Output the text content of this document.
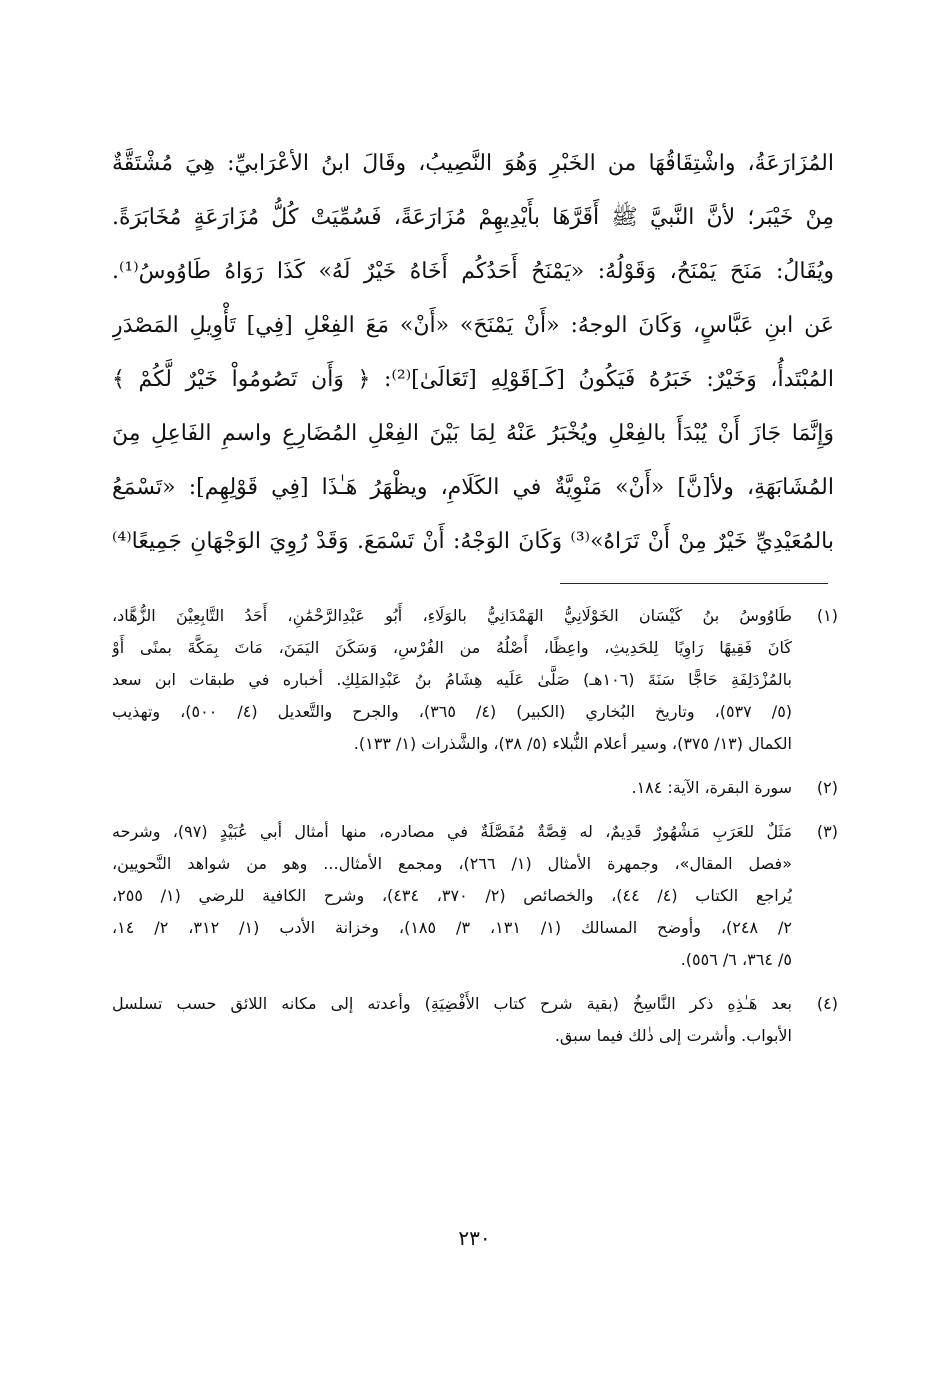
المُزَارَعَةُ، واشْتِقَاقُهَا من الخَبْرِ وَهُوَ النَّصِيبُ، وقَالَ ابنُ الأعْرَابيِّ: هِيَ مُشْتَقَّةٌ
مِنْ خَيْبَر؛ لأنَّ النَّبيَّ ﷺ أَقَرَّهَا بأَيْدِيهِمْ مُزَارَعَةً، فَسُمِّيَتْ كُلُّ مُزَارَعَةٍ مُخَابَرَةً.
ويُقَالُ: مَنَحَ يَمْنَحُ، وَقَوْلُهُ: «يَمْنَحُ أَحَدُكُم أَخَاهُ خَيْرٌ لَهُ» كَذَا رَوَاهُ طَاوُوسُ⁽¹⁾.
عَن ابنِ عَبَّاسٍ، وَكَانَ الوجهُ: «أَنْ يَمْنَحَ» «أَنْ» مَعَ الفِعْلِ [فِي] تَأْوِيلِ المَصْدَرِ
المُبْتَدأُ، وَخَيْرٌ: خَبَرُهُ فَيَكُونُ [كَـ]قَوْلِهِ [تَعَالَىٰ]⁽²⁾: ﴿ وَأَن تَصُومُواْ خَيْرٌ لَّكُمْ ﴾
وَإِنَّمَا جَازَ أَنْ يُبْدَأَ بالفِعْلِ ويُخْبَرُ عَنْهُ لِمَا بَيْنَ الفِعْلِ المُضَارِعِ واسمِ الفَاعِلِ مِنَ
المُشَابَهَةِ، ولأ[نَّ] «أَنْ» مَنْوِيَّةٌ في الكَلَامِ، ويظْهَرُ هَـٰذَا [فِي قَوْلِهِم]: «تَسْمَعُ
بالمُعَيْدِيِّ خَيْرٌ مِنْ أَنْ تَرَاهُ»⁽³⁾ وَكَانَ الوَجْهُ: أَنْ تَسْمَعَ. وَقَدْ رُوِيَ الوَجْهَانِ جَمِيعًا⁽⁴⁾
(١)
طَاوُوسُ بنُ كَيْسَان الخَوْلَانِيُّ الهَمْدَانِيُّ بالوَلَاءِ، أَبُو عَبْدِالرَّحْمَٰنِ، أَحَدُ التَّابِعِيْنَ الزُّهَّاد،
كَانَ فَقِيهًا رَاوِيًا لِلحَدِيثِ، واعِظًا، أَصْلُهُ من الفُرْسِ، وَسَكَنَ اليَمَنَ، مَاتَ بِمَكَّةَ بمنًى أَوْ
بالمُزْدَلِفَةِ حَاجًّا سَنَةَ (١٠٦هـ) صَلَّىٰ عَلَيه هِشَامُ بنُ عَبْدِالمَلِكِ. أخباره في طبقات ابن سعد
(٥/ ٥٣٧)، وتاريخ البُخاري (الكبير) (٤/ ٣٦٥)، والجرح والتَّعديل (٤/ ٥٠٠)، وتهذيب
الكمال (١٣/ ٣٧٥)، وسير أعلام النُّبلاء (٥/ ٣٨)، والشَّذرات (١/ ١٣٣).
(٢)
سورة البقرة، الآية: ١٨٤.
(٣)
مَثَلٌ للعَرَبِ مَشْهُورٌ قَدِيمٌ، له قِصَّةٌ مُفَصَّلَةٌ في مصادره، منها أمثال أبي عُبَيْدٍ (٩٧)، وشرحه
«فصل المقال»، وجمهرة الأمثال (١/ ٢٦٦)، ومجمع الأمثال... وهو من شواهد النَّحويين،
يُراجع الكتاب (٤/ ٤٤)، والخصائص (٢/ ٣٧٠، ٤٣٤)، وشرح الكافية للرضي (١/ ٢٥٥،
٢/ ٢٤٨)، وأوضح المسالك (١/ ١٣١، ٣/ ١٨٥)، وخزانة الأدب (١/ ٣١٢، ٢/ ١٤،
٥/ ٣٦٤، ٦/ ٥٥٦).
(٤)
بعد هَـٰذِهِ ذكر النَّاسِخُ (بقية شرح كتاب الأَفْضِيَةِ) وأعدته إلى مكانه اللائق حسب تسلسل
الأبواب. وأشرت إلى ذٰلك فيما سبق.
٢٣٠
